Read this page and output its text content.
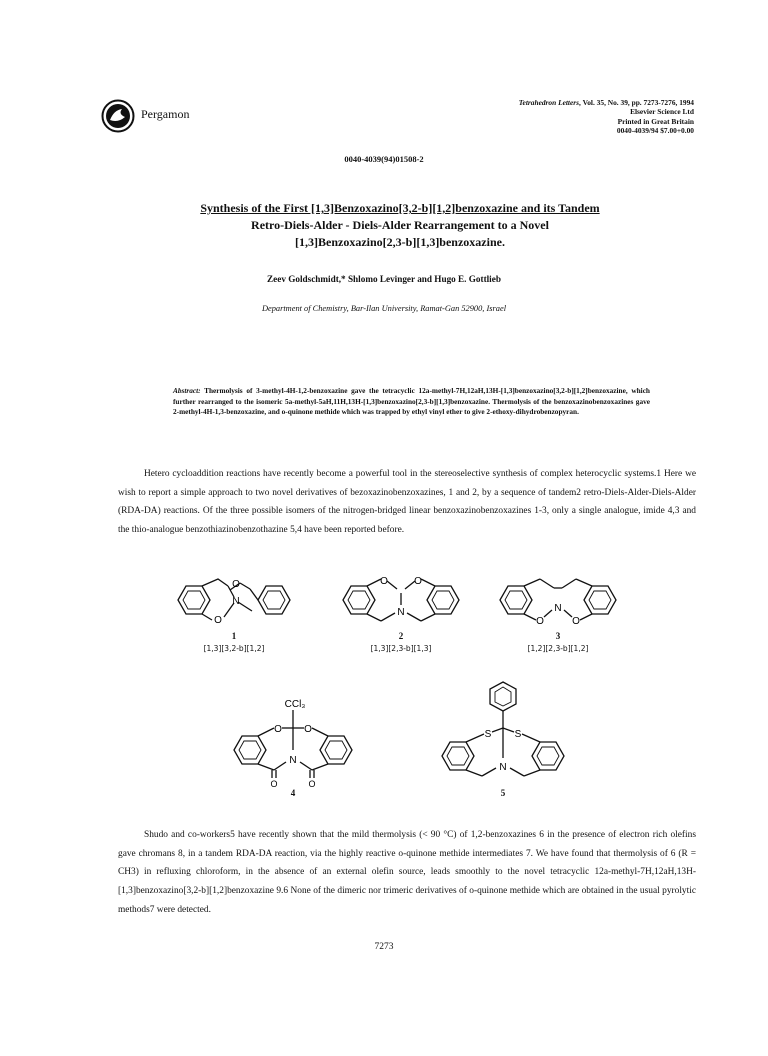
Pergamon
Tetrahedron Letters, Vol. 35, No. 39, pp. 7273-7276, 1994
Elsevier Science Ltd
Printed in Great Britain
0040-4039/94 $7.00+0.00
0040-4039(94)01508-2
Synthesis of the First [1,3]Benzoxazino[3,2-b][1,2]benzoxazine and its Tandem
Retro-Diels-Alder - Diels-Alder Rearrangement to a Novel
[1,3]Benzoxazino[2,3-b][1,3]benzoxazine.
Zeev Goldschmidt,* Shlomo Levinger and Hugo E. Gottlieb
Department of Chemistry, Bar-Ilan University, Ramat-Gan 52900, Israel
Abstract: Thermolysis of 3-methyl-4H-1,2-benzoxazine gave the tetracyclic 12a-methyl-7H,12aH,13H-[1,3]benzoxazino[3,2-b][1,2]benzoxazine, which further rearranged to the isomeric 5a-methyl-5aH,11H,13H-[1,3]benzoxazino[2,3-b][1,3]benzoxazine. Thermolysis of the benzoxazinobenzoxazines gave 2-methyl-4H-1,3-benzoxazine, and o-quinone methide which was trapped by ethyl vinyl ether to give 2-ethoxy-dihydrobenzopyran.
Hetero cycloaddition reactions have recently become a powerful tool in the stereoselective synthesis of complex heterocyclic systems.1 Here we wish to report a simple approach to two novel derivatives of bezoxazinobenzoxazines, 1 and 2, by a sequence of tandem2 retro-Diels-Alder-Diels-Alder (RDA-DA) reactions. Of the three possible isomers of the nitrogen-bridged linear benzoxazinobenzoxazines 1-3, only a single analogue, imide 4,3 and the thio-analogue benzothiazinobenzothazine 5,4 have been reported before.
O
N
O
1
[1,3][3,2-b][1,2]
O	O
N
2
[1,3][2,3-b][1,3]
N
O	O
3
[1,2][2,3-b][1,2]
CCl₃
O O
N
O	O
4
S S
N
5
Shudo and co-workers5 have recently shown that the mild thermolysis (< 90 °C) of 1,2-benzoxazines 6 in the presence of electron rich olefins gave chromans 8, in a tandem RDA-DA reaction, via the highly reactive o-quinone methide intermediates 7. We have found that thermolysis of 6 (R = CH3) in refluxing chloroform, in the absence of an external olefin source, leads smoothly to the novel tetracyclic 12a-methyl-7H,12aH,13H-[1,3]benzoxazino[3,2-b][1,2]benzoxazine 9.6 None of the dimeric nor trimeric derivatives of o-quinone methide which are obtained in the usual pyrolytic methods7 were detected.
7273
